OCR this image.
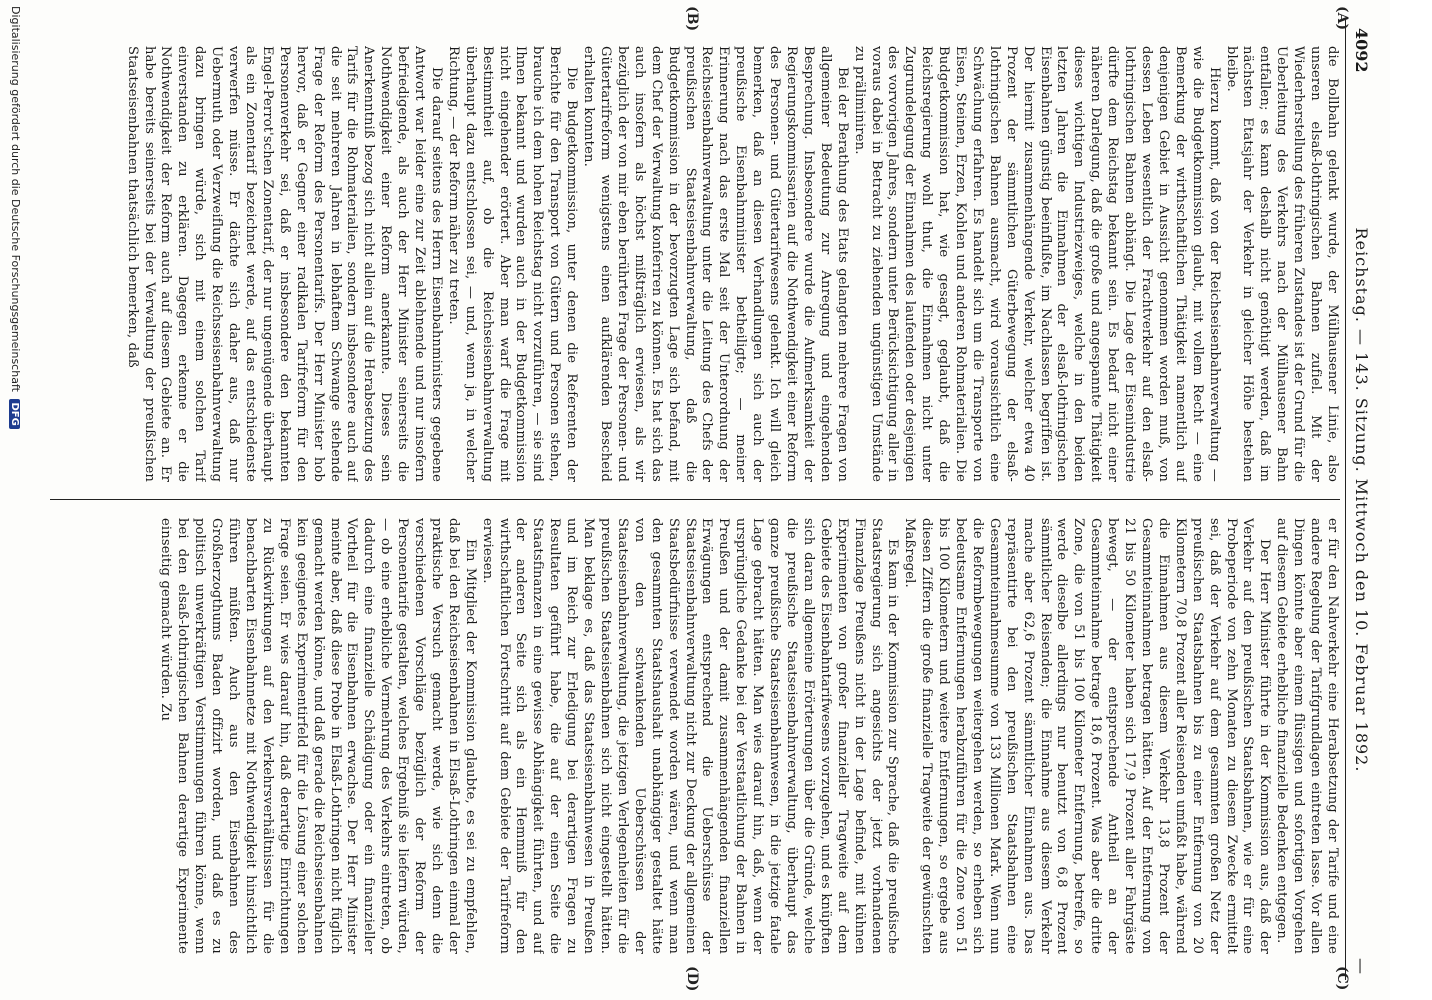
4092
Reichstag. — 143. Sitzung. Mittwoch den 10. Februar 1892.
—
(A)
(B)
(C)
(D)

die Bollbahn gelenkt wurde, der Mülhausener Linie, also unseren elsaß-lothringischen Bahnen zufiel. Mit der Wiederherstellung des früheren Zustandes ist der Grund für die Ueberleitung des Verkehrs nach der Mülhausener Bahn entfallen; es kann deshalb nicht genöthigt werden, daß im nächsten Etatsjahr der Verkehr in gleicher Höhe bestehen bleibe.

Hierzu kommt, daß von der Reichseisenbahnverwaltung — wie die Budgetkommission glaubt, mit vollem Recht — eine Bemerkung der wirthschaftlichen Thätigkeit namentlich auf denjenigen Gebiet in Aussicht genommen worden muß, von dessen Leben wesentlich der Frachtverkehr auf den elsaß-lothringischen Bahnen abhängt. Die Lage der Eisenindustrie dürfte dem Reichstag bekannt sein. Es bedarf nicht einer näheren Darlegung, daß die große und angespannte Thätigkeit dieses wichtigen Industriezweiges, welche in den beiden letzten Jahren die Einnahmen der elsaß-lothringischen Eisenbahnen günstig beeinflußte, im Nachlassen begriffen ist. Der hiermit zusammenhängende Verkehr, welcher etwa 40 Prozent der sämmtlichen Güterbewegung der elsaß-lothringischen Bahnen ausmacht, wird voraussichtlich eine Schwächung erfahren. Es handelt sich um die Transporte von Eisen, Steinen, Erzen, Kohlen und anderen Rohmaterialien. Die Budgetkommission hat, wie gesagt, geglaubt, daß die Reichsregierung wohl thut, die Einnahmen nicht unter Zugrundelegung der Einnahmen des laufenden oder desjenigen des vorvorigen Jahres, sondern unter Berücksichtigung aller in voraus dabei in Betracht zu ziehenden ungünstigen Umstände zu präliminiren.

Bei der Berathung des Etats gelangten mehrere Fragen von allgemeiner Bedeutung zur Anregung und eingehenden Besprechung. Insbesondere wurde die Aufmerksamkeit der Regierungskommissarien auf die Nothwendigkeit einer Reform des Personen- und Gütertarifwesens gelenkt. Ich will gleich bemerken, daß an diesen Verhandlungen sich auch der preußische Eisenbahnminister betheiligte; — meiner Erinnerung nach das erste Mal seit der Unterordnung der Reichseisenbahnverwaltung unter die Leitung des Chefs der preußischen Staatseisenbahnverwaltung, daß die Budgetkommission in der bevorzugten Lage sich befand, mit dem Chef der Verwaltung konferiren zu können. Es hat sich das auch insofern als höchst mißträglich erwiesen, als wir bezüglich der von mir eben berührten Frage der Personen- und Gütertarifreform wenigstens einen aufklärenden Bescheid erhalten konnten.

Die Budgetkommission, unter denen die Referenten der Berichte für den Transport von Gütern und Personen stehen, brauche ich dem hohen Reichstag nicht vorzuführen, — sie sind Ihnen bekannt und wurden auch in der Budgetkommission nicht eingehender erörtert. Aber man warf die Frage mit Bestimmtheit auf, ob die Reichseisenbahnverwaltung überhaupt dazu entschlossen sei, — und, wenn ja, in welcher Richtung, — der Reform näher zu treten.

Die darauf seitens des Herrn Eisenbahnministers gegebene Antwort war leider eine zur Zeit ablehnende und nur insofern befriedigende, als auch der Herr Minister seinerseits die Nothwendigkeit einer Reform anerkannte. Dieses sein Anerkenntniß bezog sich nicht allein auf die Herabsetzung des Tarifs für die Rohmaterialien, sondern insbesondere auch auf die seit mehreren Jahren in lebhaftem Schwange stehende Frage der Reform des Personentarifs. Der Herr Minister hob hervor, daß er Gegner einer radikalen Tarifreform für den Personenverkehr sei, daß er insbesondere den bekannten Engel-Perrot'schen Zonentarif, der nur ungenügende überhaupt als ein Zonentarif bezeichnet werde, auf das entschiedenste verwerfen müsse. Er dächte sich daher aus, daß nur Uebermuth oder Verzweiflung die Reichsseisenbahnverwaltung dazu bringen würde, sich mit einem solchen Tarif einverstanden zu erklären. Dagegen erkenne er die Nothwendigkeit der Reform auch auf diesem Gebiete an. Er habe bereits seinerseits bei der Verwaltung der preußischen Staatseisenbahnen thatsächlich bemerken, daß

er für den Nahverkehr eine Herabsetzung der Tarife und eine andere Regelung der Tarifgrundlagen eintreten lasse. Vor allen Dingen könnte aber einem flüssigen und sofortigen Vorgehen auf diesem Gebiete erhebliche finanzielle Bedenken entgegen.

Der Herr Minister führte in der Kommission aus, daß der Verkehr auf den preußischen Staatsbahnen, wie er für eine Probeperiode von zehn Monaten zu diesem Zwecke ermittelt sei, daß der Verkehr auf dem gesammten großen Netz der preußischen Staatsbahnen bis zu einer Entfernung von 20 Kilometern 70,8 Prozent aller Reisenden umfaßt habe, während die Einnahmen aus diesem Verkehr 13,8 Prozent der Gesammteinnahmen betragen hätten. Auf der Entfernung von 21 bis 50 Kilometer haben sich 17,9 Prozent aller Fahrgäste bewegt, — der entsprechende Antheil an der Gesammteinnahme betrage 18,6 Prozent. Was aber die dritte Zone, die von 51 bis 100 Kilometer Entfernung, betreffe, so werde dieselbe allerdings nur benutzt von 6,8 Prozent sämmtlicher Reisenden; die Einnahme aus diesem Verkehr mache aber 62,6 Prozent sämmtlicher Einnahmen aus. Das repräsentirte bei den preußischen Staatsbahnen eine Gesammteinnahmesumme von 133 Millionen Mark. Wenn nun die Reformbewegungen weitergehen werden, so erheben sich bedeutsame Entfernungen herabzuführen für die Zone von 51 bis 100 Kilometern und weitere Entfernungen, so ergebe aus diesen Ziffern die große finanzielle Tragweite der gewünschten Maßregel.

Es kam in der Kommission zur Sprache, daß die preußische Staatsregierung sich angesichts der jetzt vorhandenen Finanzlage Preußens nicht in der Lage befinde, mit kühnen Experimenten von großer finanzieller Tragweite auf dem Gebiete des Eisenbahntarifwesens vorzugehen, und es knüpften sich daran allgemeine Erörterungen über die Gründe, welche die preußische Staatseisenbahnverwaltung, überhaupt das ganze preußische Staatseisenbahnwesen, in die jetzige fatale Lage gebracht hätten. Man wies darauf hin, daß, wenn der ursprüngliche Gedanke bei der Verstaatlichung der Bahnen in Preußen und der damit zusammenhängenden finanziellen Erwägungen entsprechend die Ueberschüsse der Staatseisenbahnverwaltung nicht zur Deckung der allgemeinen Staatsbedürfnisse verwendet worden wären, und wenn man den gesammten Staatshaushalt unabhängiger gestaltet hätte von den schwankenden Ueberschüssen der Staatseisenbahnverwaltung, die jetzigen Verlegenheiten für die preußischen Staatseisenbahnen sich nicht eingestellt hätten. Man beklage es, daß das Staatseisenbahnwesen in Preußen und im Reich zur Erledigung bei derartigen Fragen zu Resultaten geführt habe, die auf der einen Seite die Staatsfinanzen in eine gewisse Abhängigkeit führten, und auf der anderen Seite sich als ein Hemmniß für den wirthschaftlichen Fortschritt auf dem Gebiete der Tarifreform erwiesen.

Ein Mitglied der Kommission glaubte, es sei zu empfehlen, daß bei den Reichseisenbahnen in Elsaß-Lothringen einmal der praktische Versuch gemacht werde, wie sich denn die verschiedenen Vorschläge bezüglich der Reform der Personentarife gestalten, welches Ergebniß sie liefern würden, — ob eine erhebliche Vermehrung des Verkehrs eintreten, ob dadurch eine finanzielle Schädigung oder ein finanzieller Vortheil für die Eisenbahnen erwachse. Der Herr Minister meinte aber, daß diese Probe in Elsaß-Lothringen nicht füglich gemacht werden könne, und daß gerade die Reichseisenbahnen kein geeignetes Experimentirfeld für die Lösung einer solchen Frage seien. Er wies darauf hin, daß derartige Einrichtungen zu Rückwirkungen auf den Verkehrsverhältnissen für die benachbarten Eisenbahnnetze mit Nothwendigkeit hinsichtlich führen müßten. Auch aus den Eisenbahnen des Großherzogthums Baden offizirt worden, und daß es zu politisch unwerkräftigen Verstimmungen führen könne, wenn bei den elsaß-lothringischen Bahnen derartige Experimente einseitig gemacht würden. Zu

Digitalisierung gefördert durch die Deutsche Forschungsgemeinschaft DFG
